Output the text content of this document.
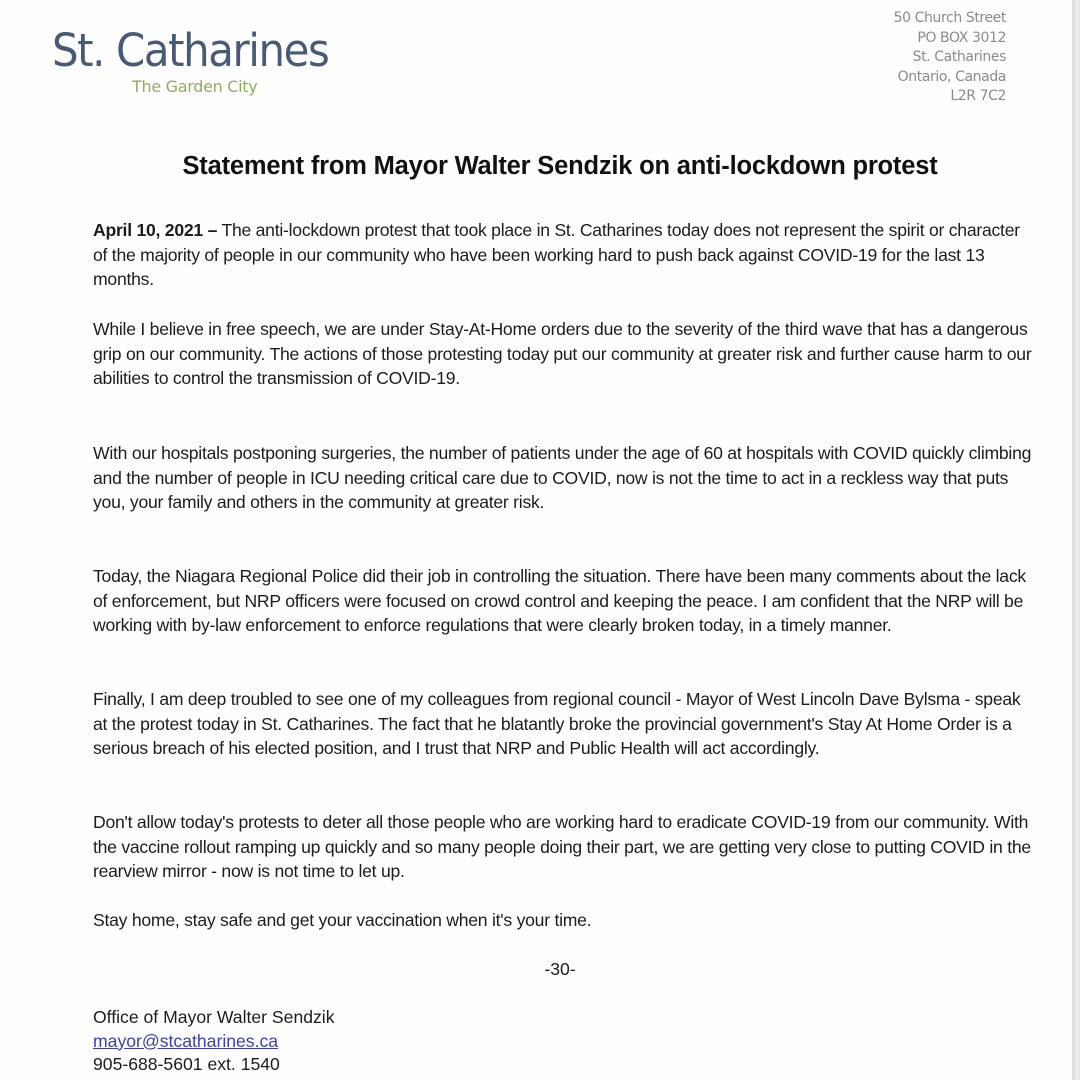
St. Catharines
The Garden City
50 Church Street
PO BOX 3012
St. Catharines
Ontario, Canada
L2R 7C2
Statement from Mayor Walter Sendzik on anti-lockdown protest

April 10, 2021 – The anti-lockdown protest that took place in St. Catharines today does not represent the spirit or character of the majority of people in our community who have been working hard to push back against COVID-19 for the last 13 months.

While I believe in free speech, we are under Stay-At-Home orders due to the severity of the third wave that has a dangerous grip on our community. The actions of those protesting today put our community at greater risk and further cause harm to our abilities to control the transmission of COVID-19.

With our hospitals postponing surgeries, the number of patients under the age of 60 at hospitals with COVID quickly climbing and the number of people in ICU needing critical care due to COVID, now is not the time to act in a reckless way that puts you, your family and others in the community at greater risk.

Today, the Niagara Regional Police did their job in controlling the situation. There have been many comments about the lack of enforcement, but NRP officers were focused on crowd control and keeping the peace. I am confident that the NRP will be working with by-law enforcement to enforce regulations that were clearly broken today, in a timely manner.

Finally, I am deep troubled to see one of my colleagues from regional council - Mayor of West Lincoln Dave Bylsma - speak at the protest today in St. Catharines. The fact that he blatantly broke the provincial government's Stay At Home Order is a serious breach of his elected position, and I trust that NRP and Public Health will act accordingly.

Don't allow today's protests to deter all those people who are working hard to eradicate COVID-19 from our community. With the vaccine rollout ramping up quickly and so many people doing their part, we are getting very close to putting COVID in the rearview mirror - now is not time to let up.

Stay home, stay safe and get your vaccination when it's your time.

-30-
Office of Mayor Walter Sendzik
mayor@stcatharines.ca
905-688-5601 ext. 1540
